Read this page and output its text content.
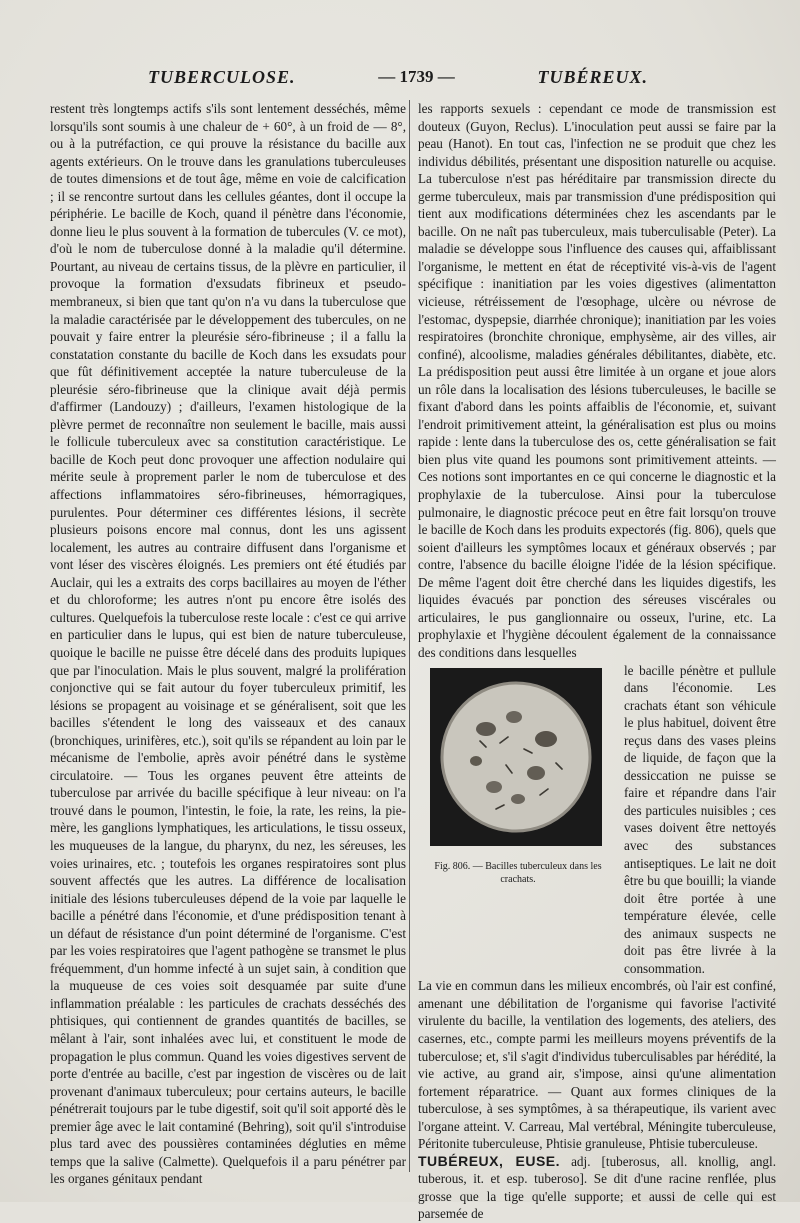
TUBERCULOSE.	— 1739 —	TUBÉREUX.

restent très longtemps actifs s'ils sont lentement desséchés, même lorsqu'ils sont soumis à une chaleur de + 60°, à un froid de — 8°, ou à la putréfaction, ce qui prouve la résistance du bacille aux agents extérieurs. On le trouve dans les granulations tuberculeuses de toutes dimensions et de tout âge, même en voie de calcification ; il se rencontre surtout dans les cellules géantes, dont il occupe la périphérie. Le bacille de Koch, quand il pénètre dans l'économie, donne lieu le plus souvent à la formation de tubercules (V. ce mot), d'où le nom de tuberculose donné à la maladie qu'il détermine. Pourtant, au niveau de certains tissus, de la plèvre en particulier, il provoque la formation d'exsudats fibrineux et pseudo-membraneux, si bien que tant qu'on n'a vu dans la tuberculose que la maladie caractérisée par le développement des tubercules, on ne pouvait y faire entrer la pleurésie séro-fibrineuse ; il a fallu la constatation constante du bacille de Koch dans les exsudats pour que fût définitivement acceptée la nature tuberculeuse de la pleurésie séro-fibrineuse que la clinique avait déjà permis d'affirmer (Landouzy) ; d'ailleurs, l'examen histologique de la plèvre permet de reconnaître non seulement le bacille, mais aussi le follicule tuberculeux avec sa constitution caractéristique. Le bacille de Koch peut donc provoquer une affection nodulaire qui mérite seule à proprement parler le nom de tuberculose et des affections inflammatoires séro-fibrineuses, hémorragiques, purulentes. Pour déterminer ces différentes lésions, il secrète plusieurs poisons encore mal connus, dont les uns agissent localement, les autres au contraire diffusent dans l'organisme et vont léser des viscères éloignés. Les premiers ont été étudiés par Auclair, qui les a extraits des corps bacillaires au moyen de l'éther et du chloroforme; les autres n'ont pu encore être isolés des cultures. Quelquefois la tuberculose reste locale : c'est ce qui arrive en particulier dans le lupus, qui est bien de nature tuberculeuse, quoique le bacille ne puisse être décelé dans des produits lupiques que par l'inoculation. Mais le plus souvent, malgré la prolifération conjonctive qui se fait autour du foyer tuberculeux primitif, les lésions se propagent au voisinage et se généralisent, soit que les bacilles s'étendent le long des vaisseaux et des canaux (bronchiques, urinifères, etc.), soit qu'ils se répandent au loin par le mécanisme de l'embolie, après avoir pénétré dans le système circulatoire. — Tous les organes peuvent être atteints de tuberculose par arrivée du bacille spécifique à leur niveau: on l'a trouvé dans le poumon, l'intestin, le foie, la rate, les reins, la pie-mère, les ganglions lymphatiques, les articulations, le tissu osseux, les muqueuses de la langue, du pharynx, du nez, les séreuses, les voies urinaires, etc. ; toutefois les organes respiratoires sont plus souvent affectés que les autres. La différence de localisation initiale des lésions tuberculeuses dépend de la voie par laquelle le bacille a pénétré dans l'économie, et d'une prédisposition tenant à un défaut de résistance d'un point déterminé de l'organisme. C'est par les voies respiratoires que l'agent pathogène se transmet le plus fréquemment, d'un homme infecté à un sujet sain, à condition que la muqueuse de ces voies soit desquamée par suite d'une inflammation préalable : les particules de crachats desséchés des phtisiques, qui contiennent de grandes quantités de bacilles, se mêlant à l'air, sont inhalées avec lui, et constituent le mode de propagation le plus commun. Quand les voies digestives servent de porte d'entrée au bacille, c'est par ingestion de viscères ou de lait provenant d'animaux tuberculeux; pour certains auteurs, le bacille pénétrerait toujours par le tube digestif, soit qu'il soit apporté dès le premier âge avec le lait contaminé (Behring), soit qu'il s'introduise plus tard avec des poussières contaminées dégluties en même temps que la salive (Calmette). Quelquefois il a paru pénétrer par les organes génitaux pendant

les rapports sexuels : cependant ce mode de transmission est douteux (Guyon, Reclus). L'inoculation peut aussi se faire par la peau (Hanot). En tout cas, l'infection ne se produit que chez les individus débilités, présentant une disposition naturelle ou acquise. La tuberculose n'est pas héréditaire par transmission directe du germe tuberculeux, mais par transmission d'une prédisposition qui tient aux modifications déterminées chez les ascendants par le bacille. On ne naît pas tuberculeux, mais tuberculisable (Peter). La maladie se développe sous l'influence des causes qui, affaiblissant l'organisme, le mettent en état de réceptivité vis-à-vis de l'agent spécifique : inanitiation par les voies digestives (alimentatton vicieuse, rétréissement de l'œsophage, ulcère ou névrose de l'estomac, dyspepsie, diarrhée chronique); inanitiation par les voies respiratoires (bronchite chronique, emphysème, air des villes, air confiné), alcoolisme, maladies générales débilitantes, diabète, etc. La prédisposition peut aussi être limitée à un organe et joue alors un rôle dans la localisation des lésions tuberculeuses, le bacille se fixant d'abord dans les points affaiblis de l'économie, et, suivant l'endroit primitivement atteint, la généralisation est plus ou moins rapide : lente dans la tuberculose des os, cette généralisation se fait bien plus vite quand les poumons sont primitivement atteints. — Ces notions sont importantes en ce qui concerne le diagnostic et la prophylaxie de la tuberculose. Ainsi pour la tuberculose pulmonaire, le diagnostic précoce peut en être fait lorsqu'on trouve le bacille de Koch dans les produits expectorés (fig. 806), quels que soient d'ailleurs les symptômes locaux et généraux observés ; par contre, l'absence du bacille éloigne l'idée de la lésion spécifique. De même l'agent doit être cherché dans les liquides digestifs, les liquides évacués par ponction des séreuses viscérales ou articulaires, le pus ganglionnaire ou osseux, l'urine, etc. La prophylaxie et l'hygiène découlent également de la connaissance des conditions dans lesquelles

Fig. 806. — Bacilles tuberculeux dans les crachats.
le bacille pénètre et pullule dans l'économie. Les crachats étant son véhicule le plus habituel, doivent être reçus dans des vases pleins de liquide, de façon que la dessiccation ne puisse se faire et répandre dans l'air des particules nuisibles ; ces vases doivent être nettoyés avec des substances antiseptiques. Le lait ne doit être bu que bouilli; la viande doit être portée à une température élevée, celle des animaux suspects ne doit pas être livrée à la consommation.

La vie en commun dans les milieux encombrés, où l'air est confiné, amenant une débilitation de l'organisme qui favorise l'activité virulente du bacille, la ventilation des logements, des ateliers, des casernes, etc., compte parmi les meilleurs moyens préventifs de la tuberculose; et, s'il s'agit d'individus tuberculisables par hérédité, la vie active, au grand air, s'impose, ainsi qu'une alimentation fortement réparatrice. — Quant aux formes cliniques de la tuberculose, à ses symptômes, à sa thérapeutique, ils varient avec l'organe atteint. V. Carreau, Mal vertébral, Méningite tuberculeuse, Péritonite tuberculeuse, Phtisie granuleuse, Phtisie tuberculeuse.

TUBÉREUX, EUSE. adj. [tuberosus, all. knollig, angl. tuberous, it. et esp. tuberoso]. Se dit d'une racine renflée, plus grosse que la tige qu'elle supporte; et aussi de celle qui est parsemée de
